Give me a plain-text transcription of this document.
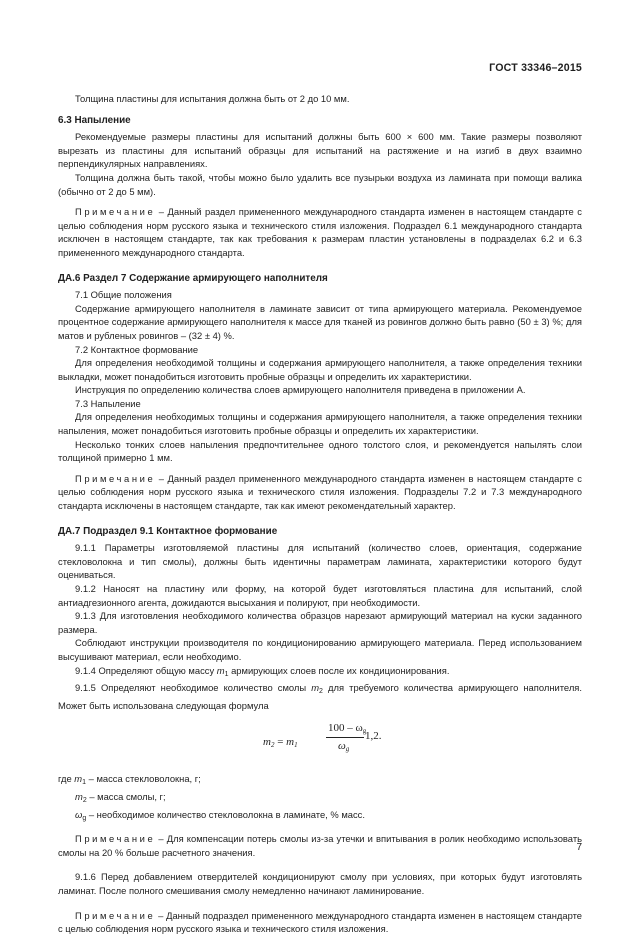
ГОСТ 33346–2015

Толщина пластины для испытания должна быть от 2 до 10 мм.

6.3 Напыление

Рекомендуемые размеры пластины для испытаний должны быть 600 × 600 мм. Такие размеры позволяют вырезать из пластины для испытаний образцы для испытаний на растяжение и на изгиб в двух взаимно перпендикулярных направлениях.

Толщина должна быть такой, чтобы можно было удалить все пузырьки воздуха из ламината при помощи валика (обычно от 2 до 5 мм).

Примечание – Данный раздел примененного международного стандарта изменен в настоящем стандарте с целью соблюдения норм русского языка и технического стиля изложения. Подраздел 6.1 международного стандарта исключен в настоящем стандарте, так как требования к размерам пластин установлены в подразделах 6.2 и 6.3 примененного международного стандарта.

ДА.6 Раздел 7 Содержание армирующего наполнителя

7.1 Общие положения

Содержание армирующего наполнителя в ламинате зависит от типа армирующего материала. Рекомендуемое процентное содержание армирующего наполнителя к массе для тканей из ровингов должно быть равно (50 ± 3) %; для матов и рубленых ровингов – (32 ± 4) %.

7.2 Контактное формование

Для определения необходимой толщины и содержания армирующего наполнителя, а также определения техники выкладки, может понадобиться изготовить пробные образцы и определить их характеристики.

Инструкция по определению количества слоев армирующего наполнителя приведена в приложении А.

7.3 Напыление

Для определения необходимых толщины и содержания армирующего наполнителя, а также определения техники напыления, может понадобиться изготовить пробные образцы и определить их характеристики.

Несколько тонких слоев напыления предпочтительнее одного толстого слоя, и рекомендуется напылять слои толщиной примерно 1 мм.

Примечание – Данный раздел примененного международного стандарта изменен в настоящем стандарте с целью соблюдения норм русского языка и технического стиля изложения. Подразделы 7.2 и 7.3 международного стандарта исключены в настоящем стандарте, так как имеют рекомендательный характер.

ДА.7 Подраздел 9.1 Контактное формование

9.1.1 Параметры изготовляемой пластины для испытаний (количество слоев, ориентация, содержание стекловолокна и тип смолы), должны быть идентичны параметрам ламината, характеристики которого будут оцениваться.

9.1.2 Наносят на пластину или форму, на которой будет изготовляться пластина для испытаний, слой антиадгезионного агента, дожидаются высыхания и полируют, при необходимости.

9.1.3 Для изготовления необходимого количества образцов нарезают армирующий материал на куски заданного размера.

Соблюдают инструкции производителя по кондиционированию армирующего материала. Перед использованием высушивают материал, если необходимо.

9.1.4 Определяют общую массу $m_1$ армирующих слоев после их кондиционирования.

9.1.5 Определяют необходимое количество смолы $m_2$ для требуемого количества армирующего наполнителя. Может быть использована следующая формула

$m_2 = m_1$
$100 - \omega_g$
$\omega_g$
1,2.

где $m_1$ – масса стекловолокна, г;

$m_2$ – масса смолы, г;

$\omega_g$ – необходимое количество стекловолокна в ламинате, % масс.

Примечание – Для компенсации потерь смолы из-за утечки и впитывания в ролик необходимо использовать смолы на 20 % больше расчетного значения.

9.1.6 Перед добавлением отвердителей кондиционируют смолу при условиях, при которых будут изготовлять ламинат. После полного смешивания смолу немедленно начинают ламинирование.

Примечание – Данный подраздел примененного международного стандарта изменен в настоящем стандарте с целью соблюдения норм русского языка и технического стиля изложения.

7
